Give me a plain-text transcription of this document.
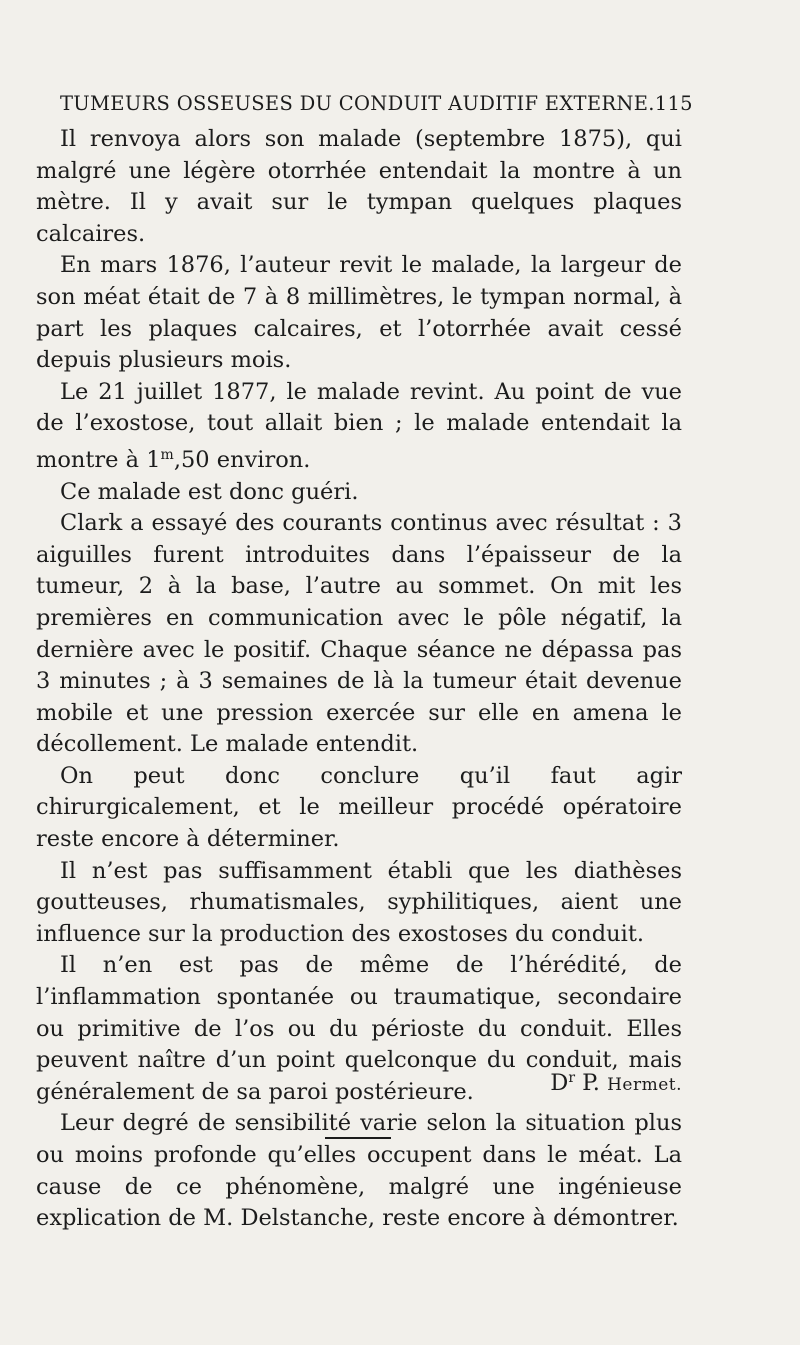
TUMEURS OSSEUSES DU CONDUIT AUDITIF EXTERNE. 115

Il renvoya alors son malade (septembre 1875), qui malgré une légère otorrhée entendait la montre à un mètre. Il y avait sur le tympan quelques plaques calcaires.

En mars 1876, l’auteur revit le malade, la largeur de son méat était de 7 à 8 millimètres, le tympan normal, à part les plaques calcaires, et l’otorrhée avait cessé depuis plusieurs mois.

Le 21 juillet 1877, le malade revint. Au point de vue de l’exostose, tout allait bien ; le malade entendait la montre à 1$^m$,50 environ.

Ce malade est donc guéri.

Clark a essayé des courants continus avec résultat : 3 aiguilles furent introduites dans l’épaisseur de la tumeur, 2 à la base, l’autre au sommet. On mit les premières en communication avec le pôle négatif, la dernière avec le positif. Chaque séance ne dépassa pas 3 minutes ; à 3 semaines de là la tumeur était devenue mobile et une pression exercée sur elle en amena le décollement. Le malade entendit.

On peut donc conclure qu’il faut agir chirurgicalement, et le meilleur procédé opératoire reste encore à déterminer.

Il n’est pas suffisamment établi que les diathèses goutteuses, rhumatismales, syphilitiques, aient une influence sur la production des exostoses du conduit.

Il n’en est pas de même de l’hérédité, de l’inflammation spontanée ou traumatique, secondaire ou primitive de l’os ou du périoste du conduit. Elles peuvent naître d’un point quelconque du conduit, mais généralement de sa paroi postérieure.

Leur degré de sensibilité varie selon la situation plus ou moins profonde qu’elles occupent dans le méat. La cause de ce phénomène, malgré une ingénieuse explication de M. Delstanche, reste encore à démontrer.

$D^r$ P. Hermet.
